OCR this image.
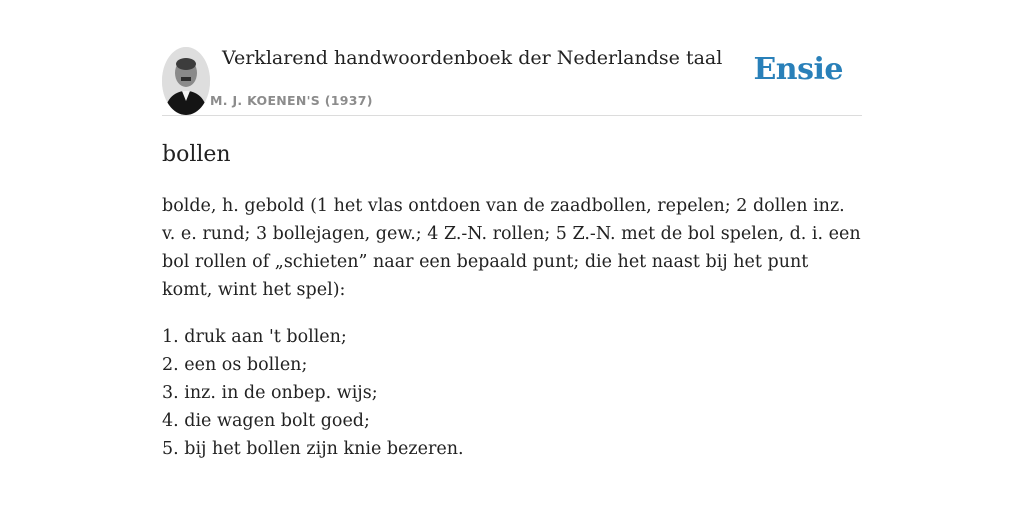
Verklarend handwoordenboek der Nederlandse taal
M. J. KOENEN'S (1937)
Ensie
bollen

bolde, h. gebold (1 het vlas ontdoen van de zaadbollen, repelen; 2 dollen inz. v. e. rund; 3 bollejagen, gew.; 4 Z.-N. rollen; 5 Z.-N. met de bol spelen, d. i. een bol rollen of „schieten” naar een bepaald punt; die het naast bij het punt komt, wint het spel):

1. druk aan 't bollen;
2. een os bollen;
3. inz. in de onbep. wijs;
4. die wagen bolt goed;
5. bij het bollen zijn knie bezeren.
